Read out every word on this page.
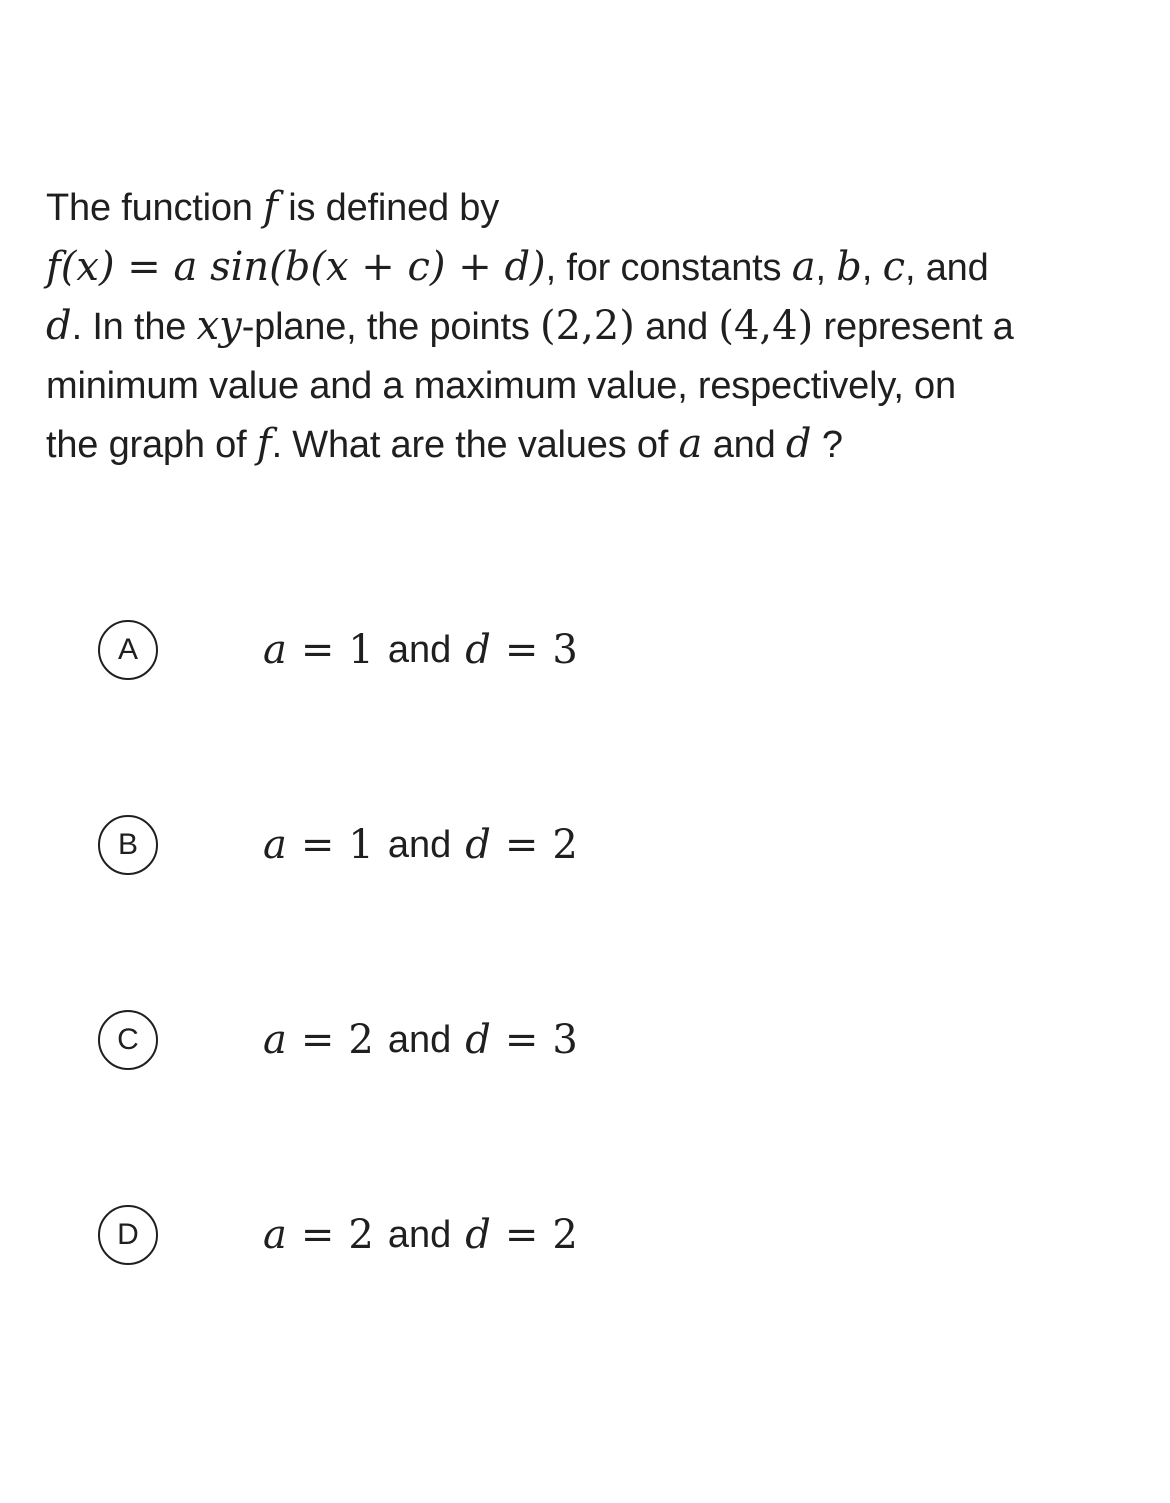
The function f is defined by
f(x) = a sin(b(x + c) + d), for constants a, b, c, and
d. In the xy-plane, the points (2,2) and (4,4) represent a
minimum value and a maximum value, respectively, on
the graph of f. What are the values of a and d ?
A	a = 1 and d = 3
B	a = 1 and d = 2
C	a = 2 and d = 3
D	a = 2 and d = 2
